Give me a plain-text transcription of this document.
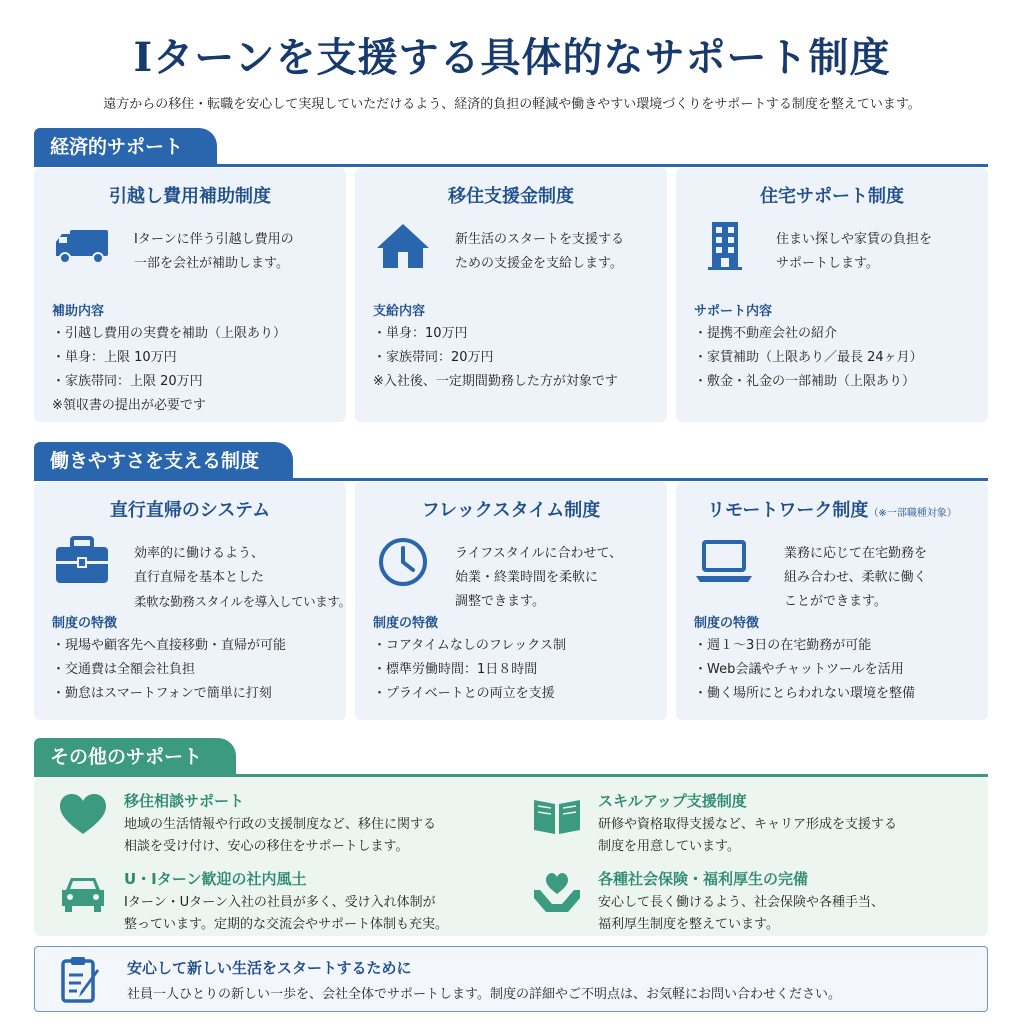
Iターンを支援する具体的なサポート制度

遠方からの移住・転職を安心して実現していただけるよう、経済的負担の軽減や働きやすい環境づくりをサポートする制度を整えています。

経済的サポート
引越し費用補助制度
Iターンに伴う引越し費用の
一部を会社が補助します。
補助内容
・引越し費用の実費を補助（上限あり）
・単身：上限 10万円
・家族帯同：上限 20万円
※領収書の提出が必要です
移住支援金制度
新生活のスタートを支援する
ための支援金を支給します。
支給内容
・単身：10万円
・家族帯同：20万円
※入社後、一定期間勤務した方が対象です
住宅サポート制度
住まい探しや家賃の負担を
サポートします。
サポート内容
・提携不動産会社の紹介
・家賃補助（上限あり／最長 24ヶ月）
・敷金・礼金の一部補助（上限あり）
働きやすさを支える制度
直行直帰のシステム
効率的に働けるよう、
直行直帰を基本とした
柔軟な勤務スタイルを導入しています。
制度の特徴
・現場や顧客先へ直接移動・直帰が可能
・交通費は全額会社負担
・勤怠はスマートフォンで簡単に打刻
フレックスタイム制度
ライフスタイルに合わせて、
始業・終業時間を柔軟に
調整できます。
制度の特徴
・コアタイムなしのフレックス制
・標準労働時間：1日８時間
・プライベートとの両立を支援
リモートワーク制度（※一部職種対象）
業務に応じて在宅勤務を
組み合わせ、柔軟に働く
ことができます。
制度の特徴
・週１〜3日の在宅勤務が可能
・Web会議やチャットツールを活用
・働く場所にとらわれない環境を整備
その他のサポート
移住相談サポート
地域の生活情報や行政の支援制度など、移住に関する
相談を受け付け、安心の移住をサポートします。
スキルアップ支援制度
研修や資格取得支援など、キャリア形成を支援する
制度を用意しています。
U・Iターン歓迎の社内風土
Iターン・Uターン入社の社員が多く、受け入れ体制が
整っています。定期的な交流会やサポート体制も充実。
各種社会保険・福利厚生の完備
安心して長く働けるよう、社会保険や各種手当、
福利厚生制度を整えています。
安心して新しい生活をスタートするために
社員一人ひとりの新しい一歩を、会社全体でサポートします。制度の詳細やご不明点は、お気軽にお問い合わせください。
